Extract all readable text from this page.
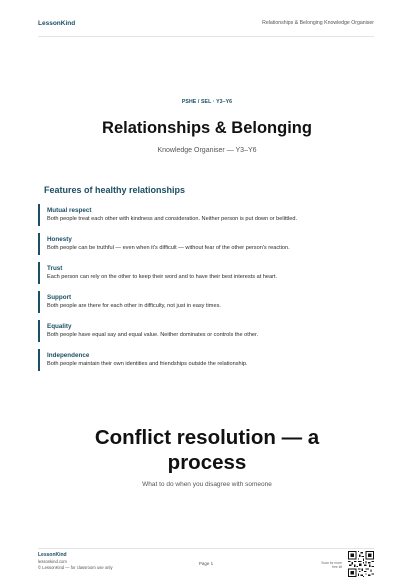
LessonKind	Relationships & Belonging Knowledge Organiser
PSHE / SEL · Y3–Y6
Relationships & Belonging
Knowledge Organiser — Y3–Y6
Features of healthy relationships
Mutual respect
Both people treat each other with kindness and consideration. Neither person is put down or belittled.
Honesty
Both people can be truthful — even when it's difficult — without fear of the other person's reaction.
Trust
Each person can rely on the other to keep their word and to have their best interests at heart.
Support
Both people are there for each other in difficulty, not just in easy times.
Equality
Both people have equal say and equal value. Neither dominates or controls the other.
Independence
Both people maintain their own identities and friendships outside the relationship.
Conflict resolution — a process
What to do when you disagree with someone
LessonKind
lessonkind.com
© LessonKind — for classroom use only
Page 1	Scan for more free kit
